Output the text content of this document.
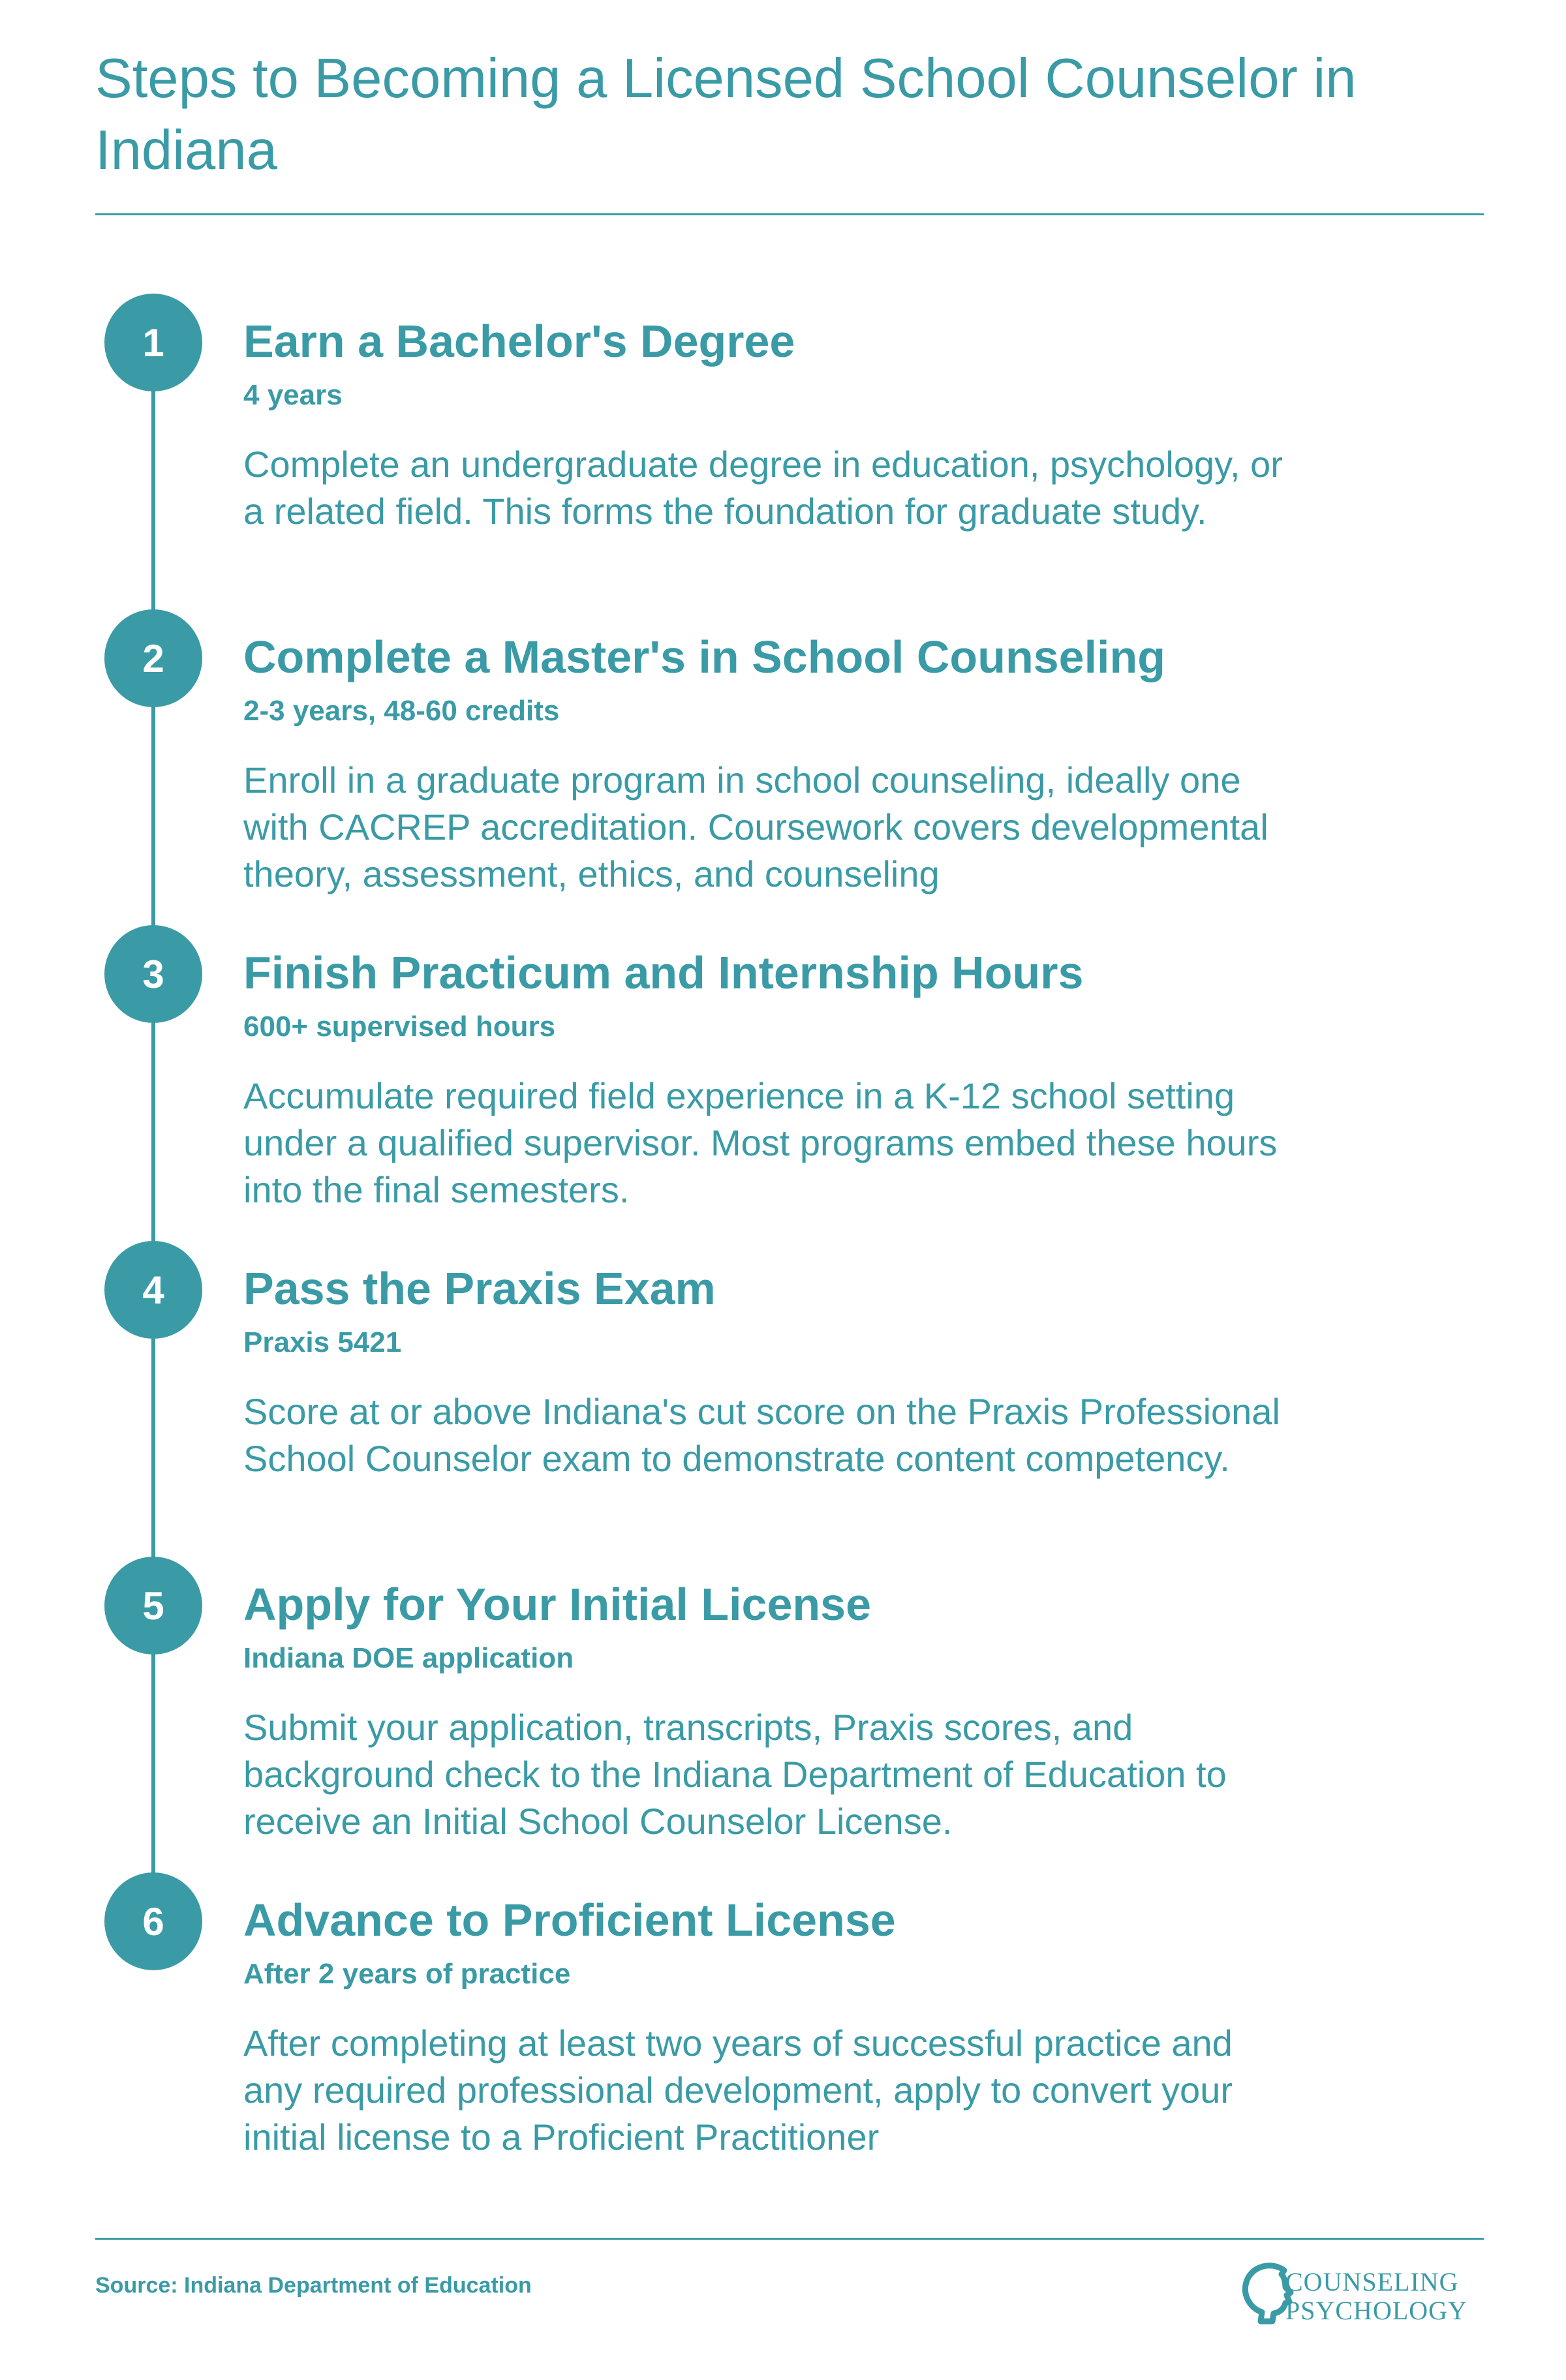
Steps to Becoming a Licensed School Counselor in Indiana
1	Earn a Bachelor's Degree
4 years

Complete an undergraduate degree in education, psychology, or a related field. This forms the foundation for graduate study.

2	Complete a Master's in School Counseling
2-3 years, 48-60 credits

Enroll in a graduate program in school counseling, ideally one with CACREP accreditation. Coursework covers developmental theory, assessment, ethics, and counseling

3	Finish Practicum and Internship Hours
600+ supervised hours

Accumulate required field experience in a K-12 school setting under a qualified supervisor. Most programs embed these hours into the final semesters.

4	Pass the Praxis Exam
Praxis 5421

Score at or above Indiana's cut score on the Praxis Professional School Counselor exam to demonstrate content competency.

5	Apply for Your Initial License
Indiana DOE application

Submit your application, transcripts, Praxis scores, and background check to the Indiana Department of Education to receive an Initial School Counselor License.

6	Advance to Proficient License
After 2 years of practice

After completing at least two years of successful practice and any required professional development, apply to convert your initial license to a Proficient Practitioner

Source: Indiana Department of Education	COUNSELING
PSYCHOLOGY
